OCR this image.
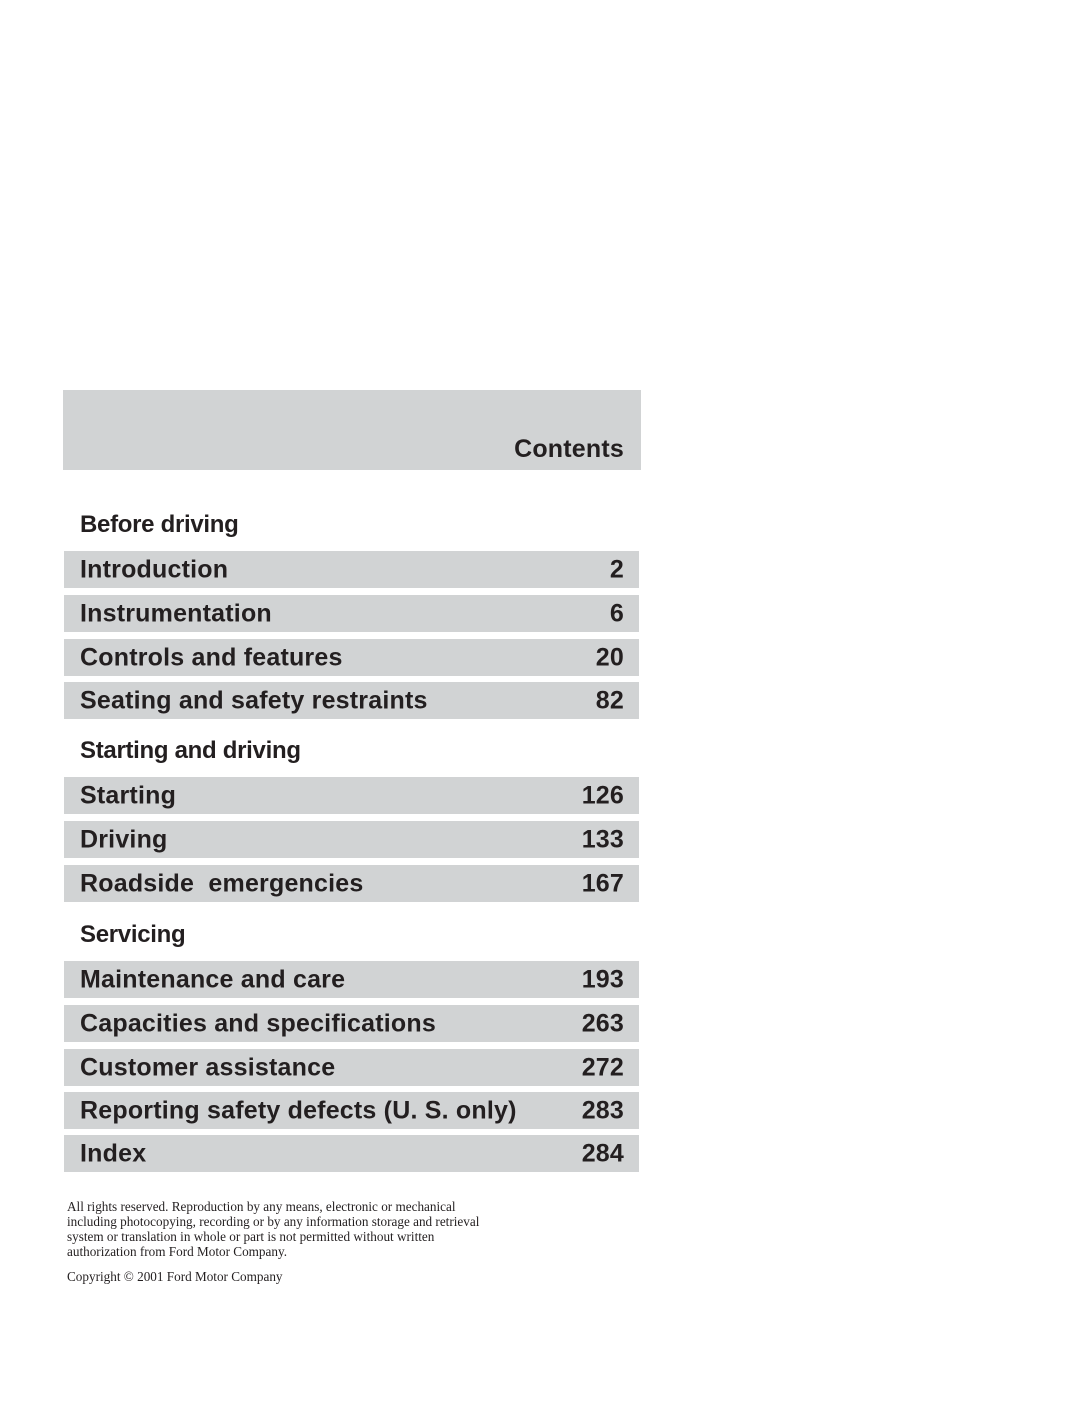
Contents
Before driving
Introduction	2
Instrumentation	6
Controls and features	20
Seating and safety restraints	82
Starting and driving
Starting	126
Driving	133
Roadside  emergencies	167
Servicing
Maintenance and care	193
Capacities and specifications	263
Customer assistance	272
Reporting safety defects (U. S. only)	283
Index	284
All rights reserved. Reproduction by any means, electronic or mechanical
including photocopying, recording or by any information storage and retrieval
system or translation in whole or part is not permitted without written
authorization from Ford Motor Company.
Copyright © 2001 Ford Motor Company
